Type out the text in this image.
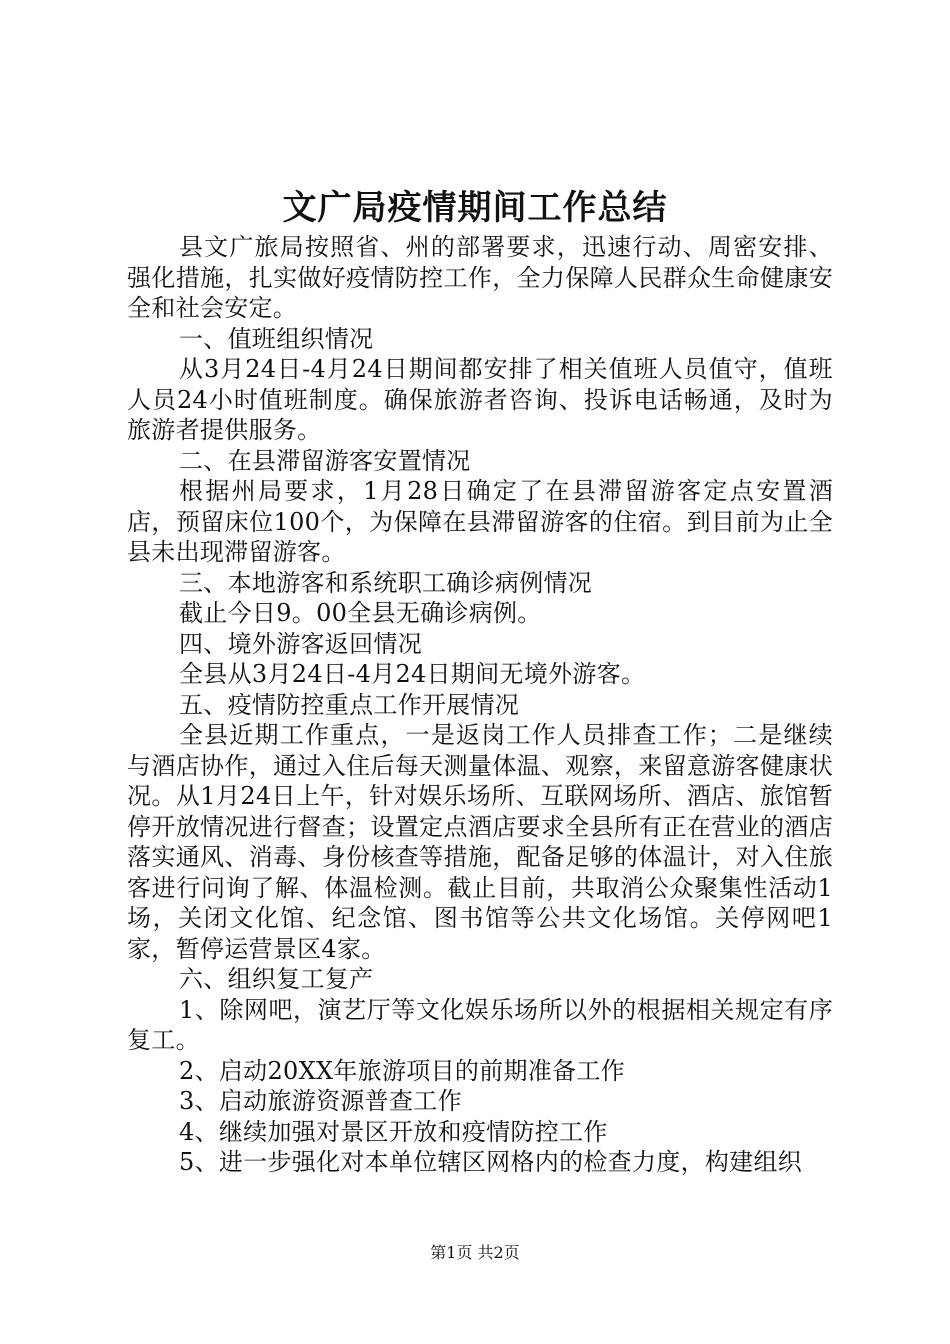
文广局疫情期间工作总结

县文广旅局按照省、州的部署要求，迅速行动、周密安排、强化措施，扎实做好疫情防控工作，全力保障人民群众生命健康安全和社会安定。

一、值班组织情况

从3月24日-4月24日期间都安排了相关值班人员值守，值班人员24小时值班制度。确保旅游者咨询、投诉电话畅通，及时为旅游者提供服务。

二、在县滞留游客安置情况

根据州局要求，1月28日确定了在县滞留游客定点安置酒店，预留床位100个，为保障在县滞留游客的住宿。到目前为止全县未出现滞留游客。

三、本地游客和系统职工确诊病例情况

截止今日9。00全县无确诊病例。

四、境外游客返回情况

全县从3月24日-4月24日期间无境外游客。

五、疫情防控重点工作开展情况

全县近期工作重点，一是返岗工作人员排查工作；二是继续与酒店协作，通过入住后每天测量体温、观察，来留意游客健康状况。从1月24日上午，针对娱乐场所、互联网场所、酒店、旅馆暂停开放情况进行督查；设置定点酒店要求全县所有正在营业的酒店落实通风、消毒、身份核查等措施，配备足够的体温计，对入住旅客进行问询了解、体温检测。截止目前，共取消公众聚集性活动1场，关闭文化馆、纪念馆、图书馆等公共文化场馆。关停网吧1家，暂停运营景区4家。

六、组织复工复产

1、除网吧，演艺厅等文化娱乐场所以外的根据相关规定有序复工。

2、启动20XX年旅游项目的前期准备工作

3、启动旅游资源普查工作

4、继续加强对景区开放和疫情防控工作

5、进一步强化对本单位辖区网格内的检查力度，构建组织

第1页 共2页
